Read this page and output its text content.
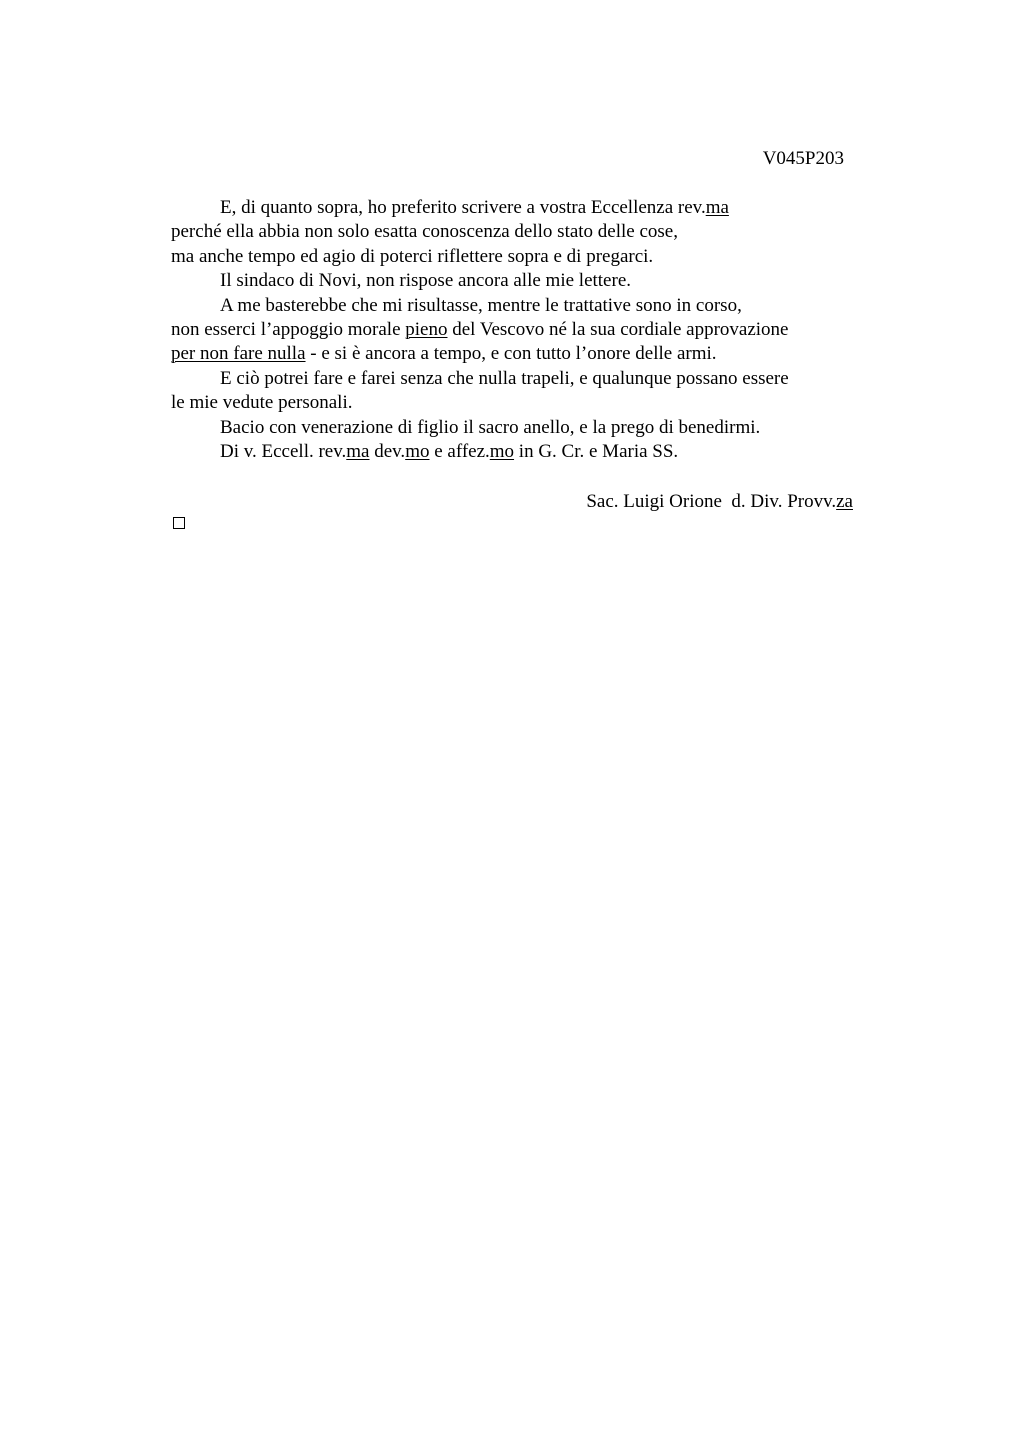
V045P203
E, di quanto sopra, ho preferito scrivere a vostra Eccellenza rev.ma
perché ella abbia non solo esatta conoscenza dello stato delle cose,
ma anche tempo ed agio di poterci riflettere sopra e di pregarci.
Il sindaco di Novi, non rispose ancora alle mie lettere.
A me basterebbe che mi risultasse, mentre le trattative sono in corso,
non esserci l’appoggio morale pieno del Vescovo né la sua cordiale approvazione
per non fare nulla - e si è ancora a tempo, e con tutto l’onore delle armi.
E ciò potrei fare e farei senza che nulla trapeli, e qualunque possano essere
le mie vedute personali.
Bacio con venerazione di figlio il sacro anello, e la prego di benedirmi.
Di v. Eccell. rev.ma dev.mo e affez.mo in G. Cr. e Maria SS.
Sac. Luigi Orione  d. Div. Provv.za
